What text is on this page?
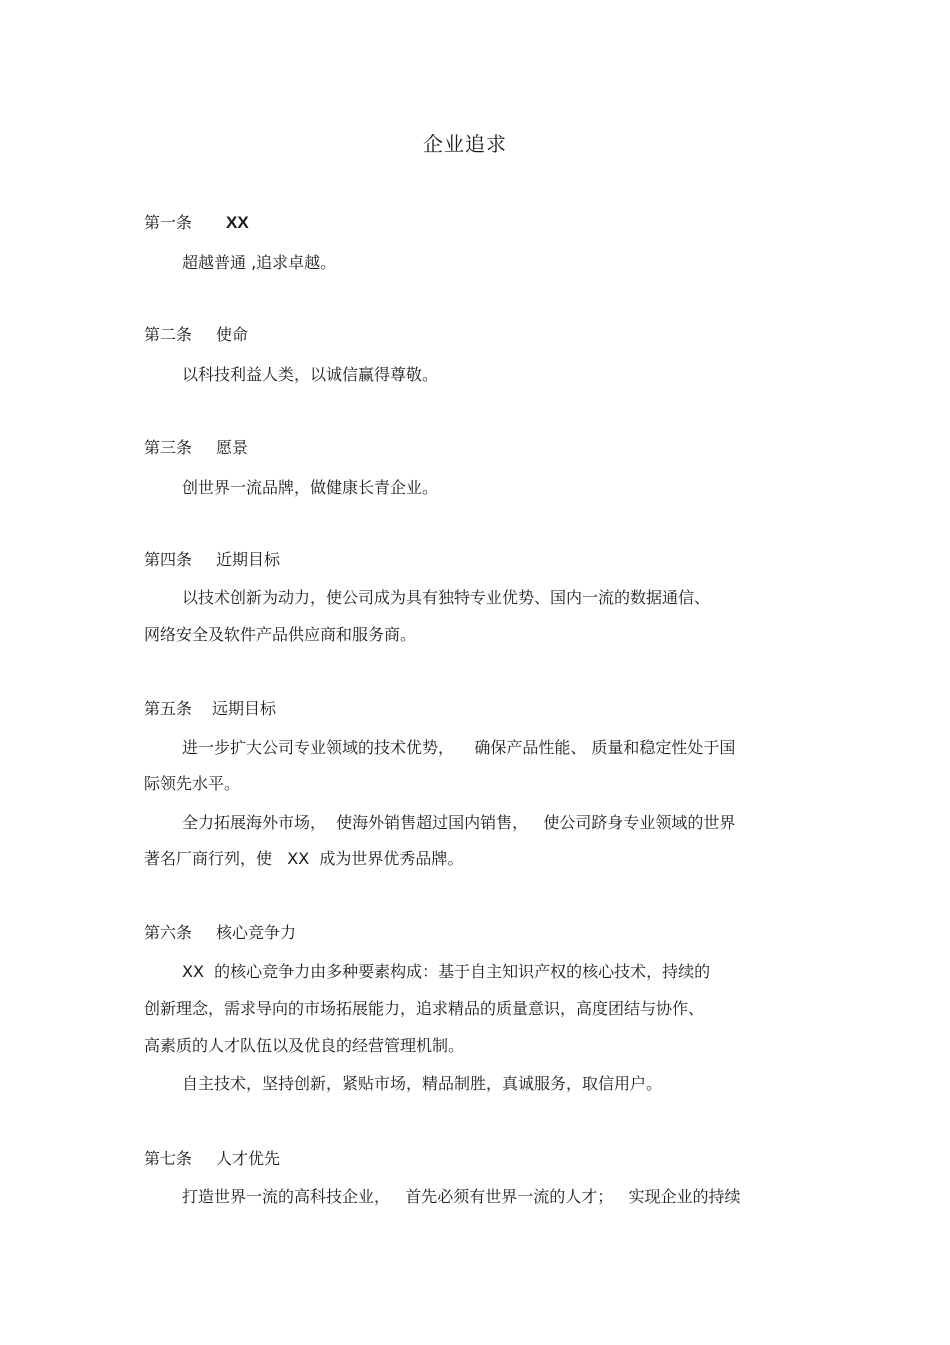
企业追求
第一条 XX
超越普通 ,追求卓越。
第二条 使命
以科技利益人类，以诚信赢得尊敬。
第三条 愿景
创世界一流品牌，做健康长青企业。
第四条 近期目标
以技术创新为动力，使公司成为具有独特专业优势、国内一流的数据通信、
网络安全及软件产品供应商和服务商。
第五条 远期目标
进一步扩大公司专业领域的技术优势，    确保产品性能、 质量和稳定性处于国
际领先水平。
全力拓展海外市场，  使海外销售超过国内销售，   使公司跻身专业领域的世界
著名厂商行列，使   XX  成为世界优秀品牌。
第六条 核心竞争力
XX  的核心竞争力由多种要素构成：基于自主知识产权的核心技术，持续的
创新理念，需求导向的市场拓展能力，追求精品的质量意识，高度团结与协作、
高素质的人才队伍以及优良的经营管理机制。
自主技术，坚持创新，紧贴市场，精品制胜，真诚服务，取信用户。
第七条 人才优先
打造世界一流的高科技企业，   首先必须有世界一流的人才；   实现企业的持续
